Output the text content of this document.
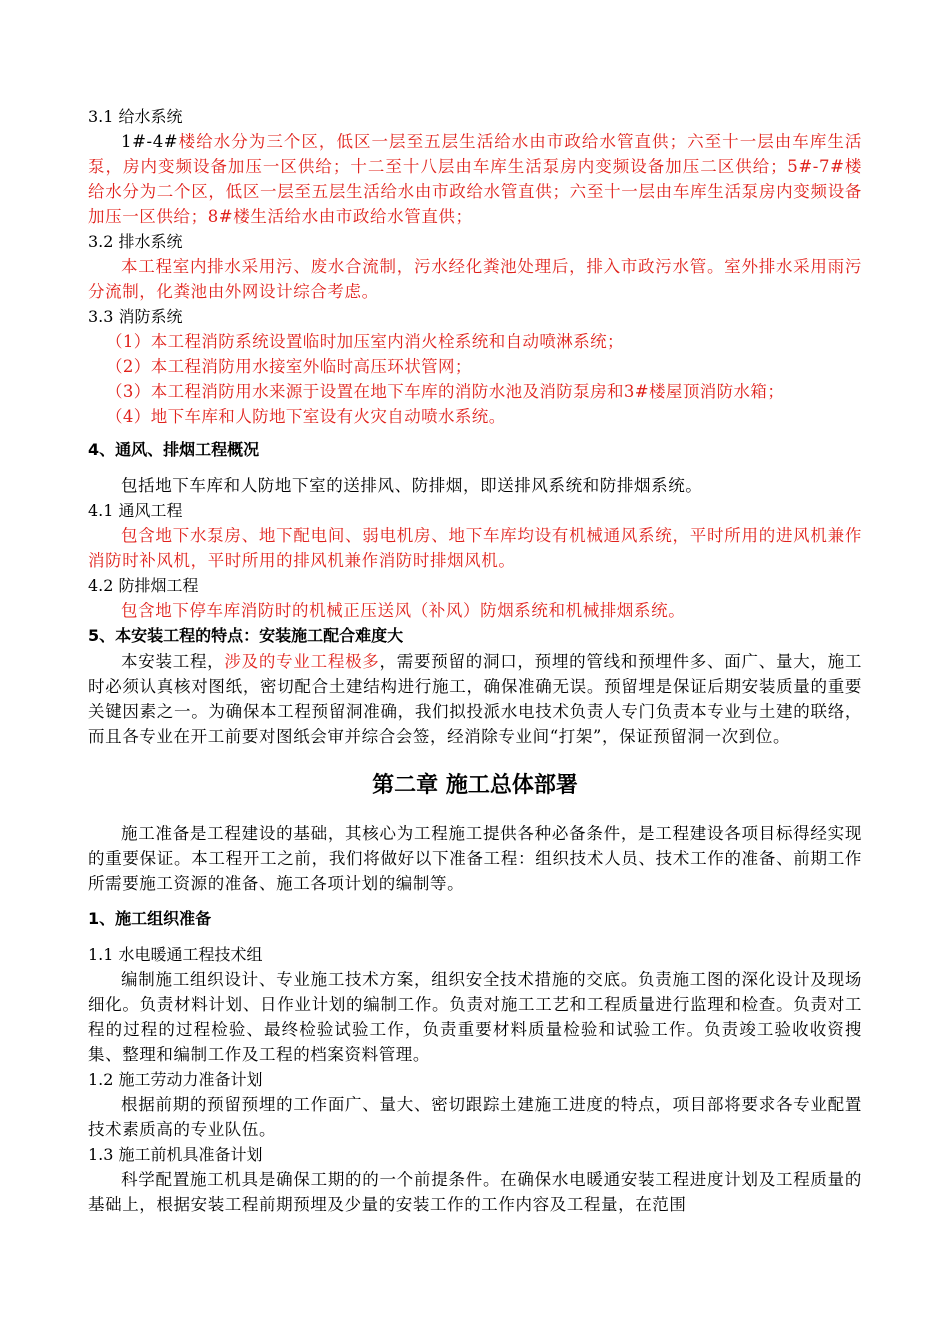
3.1 给水系统

1#-4#楼给水分为三个区，低区一层至五层生活给水由市政给水管直供；六至十一层由车库生活泵，房内变频设备加压一区供给；十二至十八层由车库生活泵房内变频设备加压二区供给；5#-7#楼给水分为二个区，低区一层至五层生活给水由市政给水管直供；六至十一层由车库生活泵房内变频设备加压一区供给；8#楼生活给水由市政给水管直供；

3.2 排水系统

本工程室内排水采用污、废水合流制，污水经化粪池处理后，排入市政污水管。室外排水采用雨污分流制，化粪池由外网设计综合考虑。

3.3 消防系统

（1）本工程消防系统设置临时加压室内消火栓系统和自动喷淋系统；

（2）本工程消防用水接室外临时高压环状管网；

（3）本工程消防用水来源于设置在地下车库的消防水池及消防泵房和3#楼屋顶消防水箱；

（4）地下车库和人防地下室设有火灾自动喷水系统。

4、通风、排烟工程概况

包括地下车库和人防地下室的送排风、防排烟，即送排风系统和防排烟系统。

4.1 通风工程

包含地下水泵房、地下配电间、弱电机房、地下车库均设有机械通风系统，平时所用的进风机兼作消防时补风机，平时所用的排风机兼作消防时排烟风机。

4.2 防排烟工程

包含地下停车库消防时的机械正压送风（补风）防烟系统和机械排烟系统。

5、本安装工程的特点：安装施工配合难度大

本安装工程，涉及的专业工程极多，需要预留的洞口，预埋的管线和预埋件多、面广、量大，施工时必须认真核对图纸，密切配合土建结构进行施工，确保准确无误。预留埋是保证后期安装质量的重要关键因素之一。为确保本工程预留洞准确，我们拟投派水电技术负责人专门负责本专业与土建的联络，而且各专业在开工前要对图纸会审并综合会签，经消除专业间“打架”，保证预留洞一次到位。

第二章 施工总体部署

施工准备是工程建设的基础，其核心为工程施工提供各种必备条件，是工程建设各项目标得经实现的重要保证。本工程开工之前，我们将做好以下准备工程：组织技术人员、技术工作的准备、前期工作所需要施工资源的准备、施工各项计划的编制等。

1、施工组织准备

1.1 水电暖通工程技术组

编制施工组织设计、专业施工技术方案，组织安全技术措施的交底。负责施工图的深化设计及现场细化。负责材料计划、日作业计划的编制工作。负责对施工工艺和工程质量进行监理和检查。负责对工程的过程的过程检验、最终检验试验工作，负责重要材料质量检验和试验工作。负责竣工验收收资搜集、整理和编制工作及工程的档案资料管理。

1.2 施工劳动力准备计划

根据前期的预留预埋的工作面广、量大、密切跟踪土建施工进度的特点，项目部将要求各专业配置技术素质高的专业队伍。

1.3 施工前机具准备计划

科学配置施工机具是确保工期的的一个前提条件。在确保水电暖通安装工程进度计划及工程质量的基础上，根据安装工程前期预埋及少量的安装工作的工作内容及工程量，在范围
